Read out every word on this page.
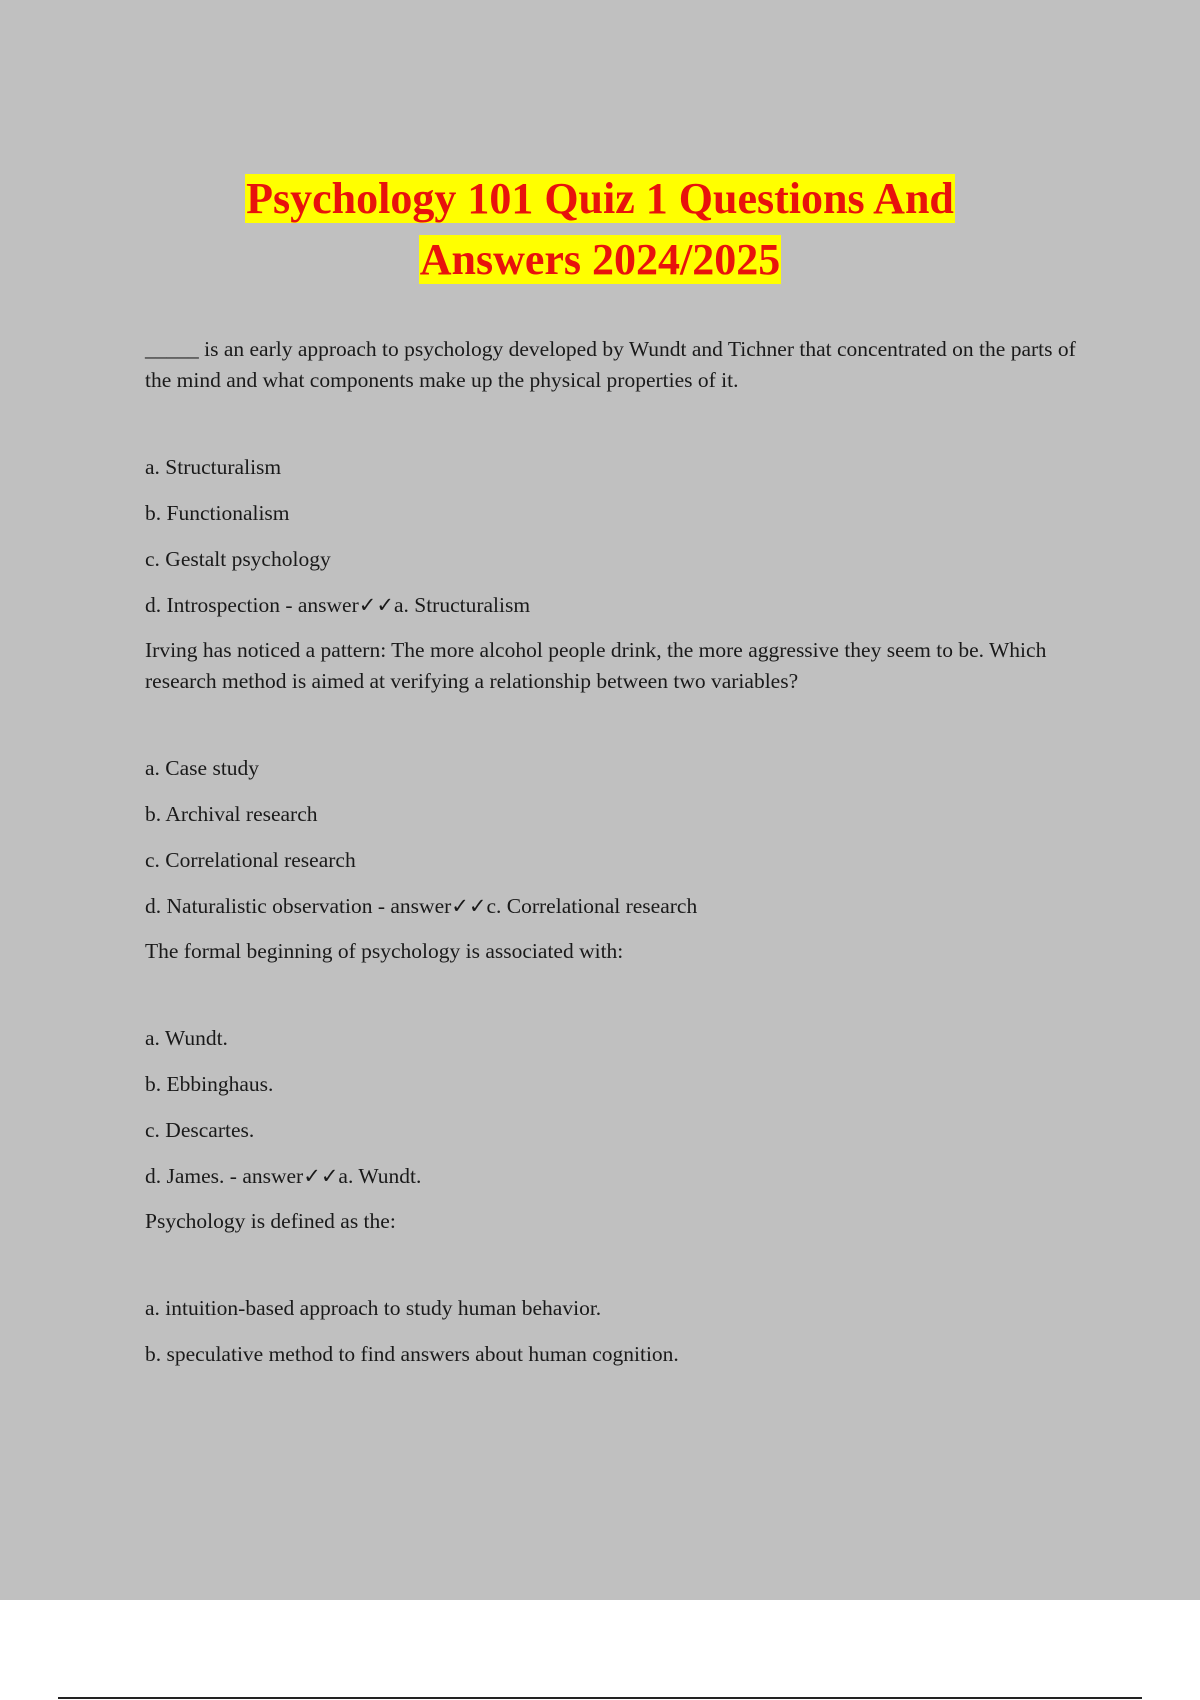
Psychology 101 Quiz 1 Questions And
Answers 2024/2025

_____ is an early approach to psychology developed by Wundt and Tichner that concentrated on the parts of the mind and what components make up the physical properties of it.

a. Structuralism

b. Functionalism

c. Gestalt psychology

d. Introspection - answer✓✓a. Structuralism

Irving has noticed a pattern: The more alcohol people drink, the more aggressive they seem to be. Which research method is aimed at verifying a relationship between two variables?

a. Case study

b. Archival research

c. Correlational research

d. Naturalistic observation - answer✓✓c. Correlational research

The formal beginning of psychology is associated with:

a. Wundt.

b. Ebbinghaus.

c. Descartes.

d. James. - answer✓✓a. Wundt.

Psychology is defined as the:

a. intuition-based approach to study human behavior.

b. speculative method to find answers about human cognition.
